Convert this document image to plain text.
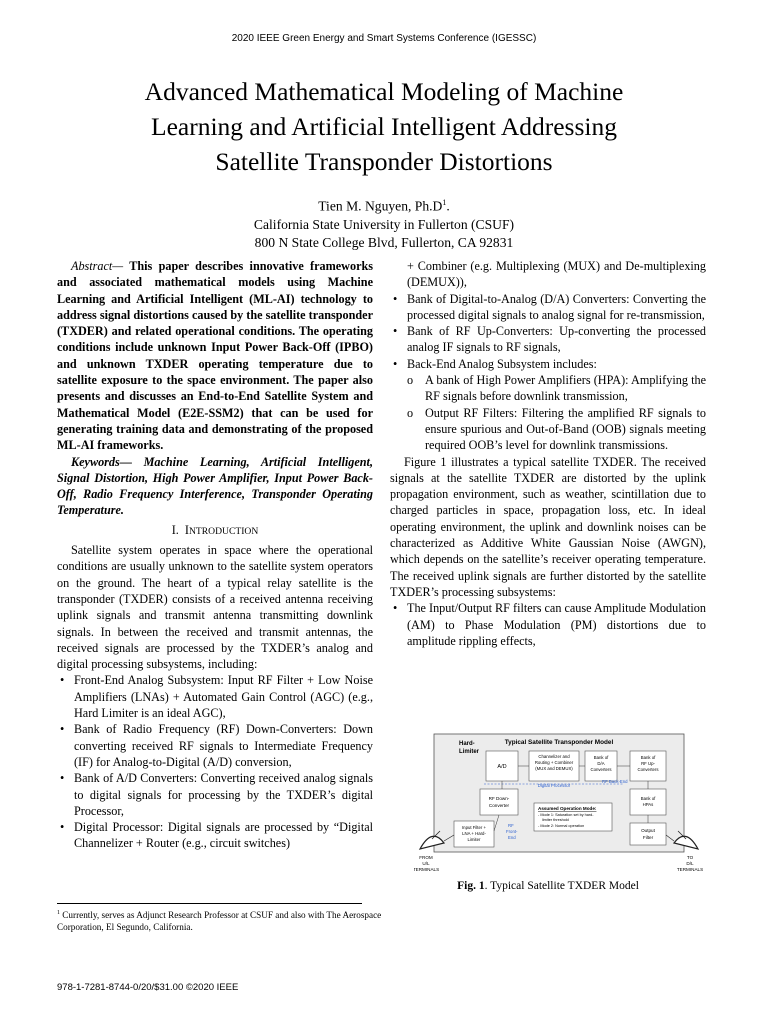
2020 IEEE Green Energy and Smart Systems Conference (IGESSC)
Advanced Mathematical Modeling of Machine
Learning and Artificial Intelligent Addressing
Satellite Transponder Distortions
Tien M. Nguyen, $Ph.D^1$.
California State University in Fullerton (CSUF)
800 N State College Blvd, Fullerton, CA 92831

Abstract— This paper describes innovative frameworks and associated mathematical models using Machine Learning and Artificial Intelligent (ML-AI) technology to address signal distortions caused by the satellite transponder (TXDER) and related operational conditions. The operating conditions include unknown Input Power Back-Off (IPBO) and unknown TXDER operating temperature due to satellite exposure to the space environment. The paper also presents and discusses an End-to-End Satellite System and Mathematical Model (E2E-SSM2) that can be used for generating training data and demonstrating of the proposed ML-AI frameworks.

Keywords— Machine Learning, Artificial Intelligent, Signal Distortion, High Power Amplifier, Input Power Back-Off, Radio Frequency Interference, Transponder Operating Temperature.

I. INTRODUCTION

Satellite system operates in space where the operational conditions are usually unknown to the satellite system operators on the ground. The heart of a typical relay satellite is the transponder (TXDER) consists of a received antenna receiving uplink signals and transmit antenna transmitting downlink signals. In between the received and transmit antennas, the received signals are processed by the TXDER’s analog and digital processing subsystems, including:

• Front-End Analog Subsystem: Input RF Filter + Low Noise Amplifiers (LNAs) + Automated Gain Control (AGC) (e.g., Hard Limiter is an ideal AGC),
• Bank of Radio Frequency (RF) Down-Converters: Down converting received RF signals to Intermediate Frequency (IF) for Analog-to-Digital (A/D) conversion,
• Bank of A/D Converters: Converting received analog signals to digital signals for processing by the TXDER’s digital Processor,
• Digital Processor: Digital signals are processed by “Digital Channelizer + Router (e.g., circuit switches)

+ Combiner (e.g. Multiplexing (MUX) and De-multiplexing (DEMUX)),

• Bank of Digital-to-Analog (D/A) Converters: Converting the processed digital signals to analog signal for re-transmission,
• Bank of RF Up-Converters: Up-converting the processed analog IF signals to RF signals,
• Back-End Analog Subsystem includes:
o A bank of High Power Amplifiers (HPA): Amplifying the RF signals before downlink transmission,
o Output RF Filters: Filtering the amplified RF signals to ensure spurious and Out-of-Band (OOB) signals meeting required OOB’s level for downlink transmissions.

Figure 1 illustrates a typical satellite TXDER. The received signals at the satellite TXDER are distorted by the uplink propagation environment, such as weather, scintillation due to charged particles in space, propagation loss, etc. In ideal operating environment, the uplink and downlink noises can be characterized as Additive White Gaussian Noise (AWGN), which depends on the satellite’s receiver operating temperature. The received uplink signals are further distorted by the satellite TXDER’s processing subsystems:

• The Input/Output RF filters can cause Amplitude Modulation (AM) to Phase Modulation (PM) distortions due to amplitude rippling effects,
Typical Satellite Transponder Model
Hard-
Limiter
A/D
Channelizer and
Routing + Combiner
(MUX and DEMUX)
Bank of
D/A
Converters
Bank of
RF Up-
Converters
Digital Processor
RF Back-End
RF Down-
Converter
Assumed Operation Mode:
- Mode 1: Saturation set by hard-
limiter threshold
- Mode 2: Normal operation
Bank of
HPAs
Input Filter +
LNA + Hard-
Limiter
RF
Front-
End
Output
Filter
FROM
U/L
TERMINALS
TO
D/L
TERMINALS
Fig. 1. Typical Satellite TXDER Model
$^1$ Currently, serves as Adjunct Research Professor at CSUF and also with The Aerospace Corporation, El Segundo, California.
978-1-7281-8744-0/20/$31.00 ©2020 IEEE
